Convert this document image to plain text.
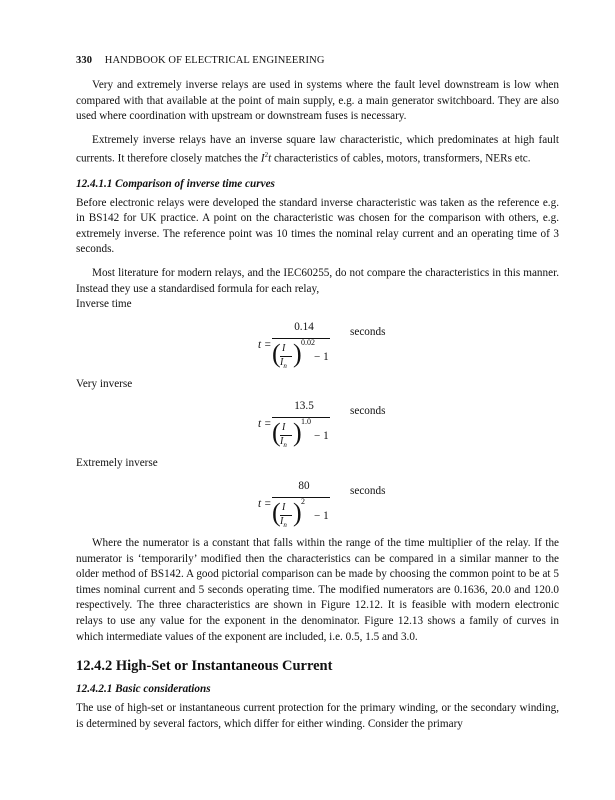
330 HANDBOOK OF ELECTRICAL ENGINEERING

Very and extremely inverse relays are used in systems where the fault level downstream is low when compared with that available at the point of main supply, e.g. a main generator switchboard. They are also used where coordination with upstream or downstream fuses is necessary.

Extremely inverse relays have an inverse square law characteristic, which predominates at high fault currents. It therefore closely matches the $I^2t$ characteristics of cables, motors, transformers, NERs etc.

12.4.1.1 Comparison of inverse time curves

Before electronic relays were developed the standard inverse characteristic was taken as the reference e.g. in BS142 for UK practice. A point on the characteristic was chosen for the comparison with others, e.g. extremely inverse. The reference point was 10 times the nominal relay current and an operating time of 3 seconds.

Most literature for modern relays, and the IEC60255, do not compare the characteristics in this manner. Instead they use a standardised formula for each relay,

Inverse time
t =
0.14
( I
$I_n$ ) 0.02
− 1
seconds
Very inverse
t =
13.5
( I
$I_n$ ) 1.0
− 1
seconds
Extremely inverse
t =
80
( I
$I_n$ ) 2
− 1
seconds

Where the numerator is a constant that falls within the range of the time multiplier of the relay. If the numerator is ‘temporarily’ modified then the characteristics can be compared in a similar manner to the older method of BS142. A good pictorial comparison can be made by choosing the common point to be at 5 times nominal current and 5 seconds operating time. The modified numerators are 0.1636, 20.0 and 120.0 respectively. The three characteristics are shown in Figure 12.12. It is feasible with modern electronic relays to use any value for the exponent in the denominator. Figure 12.13 shows a family of curves in which intermediate values of the exponent are included, i.e. 0.5, 1.5 and 3.0.

12.4.2 High-Set or Instantaneous Current
12.4.2.1 Basic considerations

The use of high-set or instantaneous current protection for the primary winding, or the secondary winding, is determined by several factors, which differ for either winding. Consider the primary
